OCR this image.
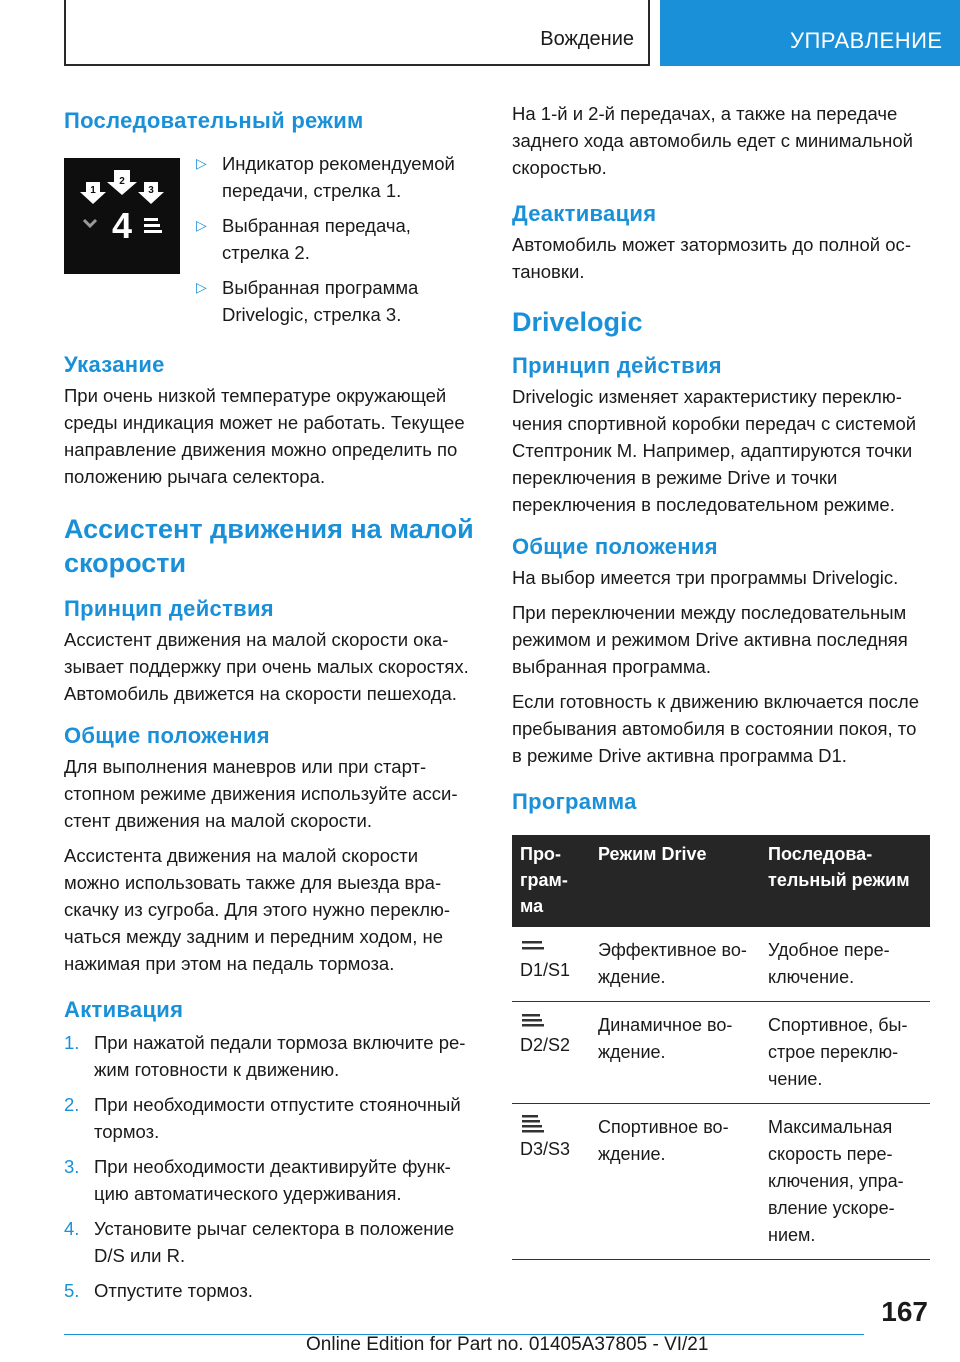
Вождение	УПРАВЛЕНИЕ
Последовательный режим
1
2
3
4
▷ Индикатор рекомендуемой передачи, стрелка 1.
▷ Выбранная передача, стрелка 2.
▷ Выбранная программа Drivelogic, стрелка 3.
Указание

При очень низкой температуре окружающей среды индикация может не работать. Текущее направление движения можно определить по положению рычага селектора.

Ассистент движения на малой скорости
Принцип действия

Ассистент движения на малой скорости оказывает поддержку при очень малых скоростях. Автомобиль движется на скорости пешехода.

Общие положения

Для выполнения маневров или при стартстопном режиме движения используйте ассистент движения на малой скорости.

Ассистента движения на малой скорости можно использовать также для выезда враскачку из сугроба. Для этого нужно переключаться между задним и передним ходом, не нажимая при этом на педаль тормоза.

Активация
1. При нажатой педали тормоза включите режим готовности к движению.
2. При необходимости отпустите стояночный тормоз.
3. При необходимости деактивируйте функцию автоматического удерживания.
4. Установите рычаг селектора в положение D/S или R.
5. Отпустите тормоз.

На 1-й и 2-й передачах, а также на передаче заднего хода автомобиль едет с минимальной скоростью.

Деактивация

Автомобиль может затормозить до полной остановки.

Drivelogic
Принцип действия

Drivelogic изменяет характеристику переключения спортивной коробки передач с системой Стептроник M. Например, адаптируются точки переключения в режиме Drive и точки переключения в последовательном режиме.

Общие положения

На выбор имеется три программы Drivelogic.

При переключении между последовательным режимом и режимом Drive активна последняя выбранная программа.

Если готовность к движению включается после пребывания автомобиля в состоянии покоя, то в режиме Drive активна программа D1.

Программа
Программа	Режим Drive	Последовательный режим

D1/S1	Эффективное вождение.	Удобное переключение.

D2/S2	Динамичное вождение.	Спортивное, быстрое переключение.

D3/S3	Спортивное вождение.	Максимальная скорость переключения, управление ускорением.
167
Online Edition for Part no. 01405A37805 - VI/21
